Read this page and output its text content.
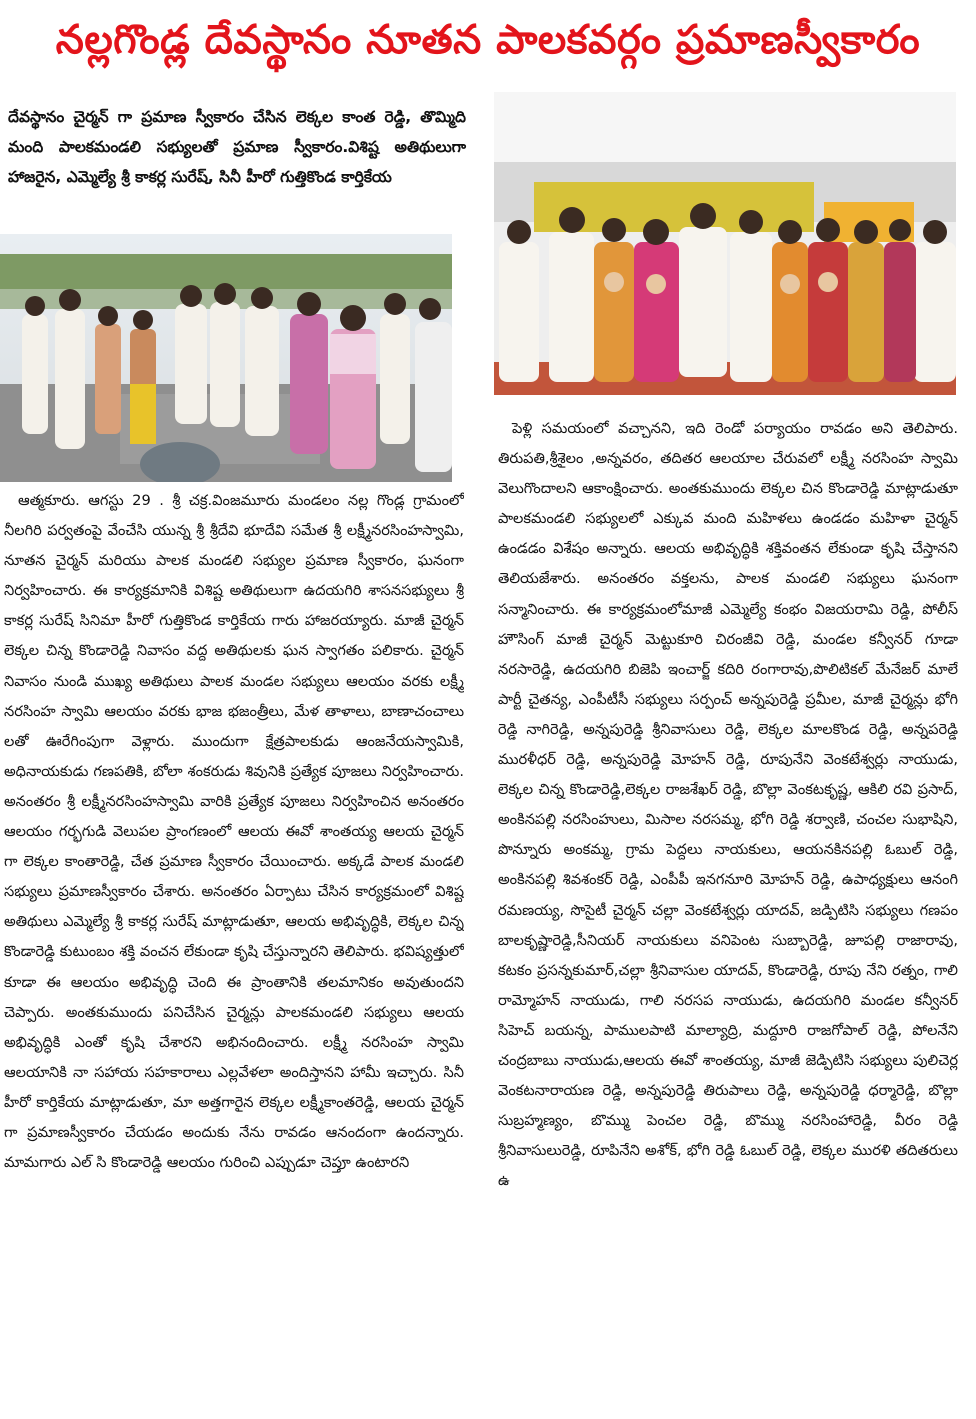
నల్లగొండ్ల దేవస్థానం నూతన పాలకవర్గం ప్రమాణస్వీకారం
దేవస్థానం చైర్మన్ గా ప్రమాణ స్వీకారం చేసిన లెక్కల కాంత రెడ్డి, తొమ్మిది మంది పాలకమండలి సభ్యులతో ప్రమాణ స్వీకారం.విశిష్ట అతిథులుగా హాజరైన, ఎమ్మెల్యే శ్రీ కాకర్ల సురేష్, సినీ హీరో గుత్తికొండ కార్తికేయ

ఆత్మకూరు. ఆగస్టు 29 . శ్రీ చక్ర.వింజమూరు మండలం నల్ల గొండ్ల గ్రామంలో నీలగిరి పర్వతంపై వేంచేసి యున్న శ్రీ శ్రీదేవి భూదేవి సమేత శ్రీ లక్ష్మీనరసింహస్వామి, నూతన చైర్మన్ మరియు పాలక మండలి సభ్యుల ప్రమాణ స్వీకారం, ఘనంగా నిర్వహించారు. ఈ కార్యక్రమానికి విశిష్ట అతిథులుగా ఉదయగిరి శాసనసభ్యులు శ్రీ కాకర్ల సురేష్ సినిమా హీరో గుత్తికొండ కార్తికేయ గారు హాజరయ్యారు. మాజీ చైర్మన్ లెక్కల చిన్న కొండారెడ్డి నివాసం వద్ద అతిథులకు ఘన స్వాగతం పలికారు. చైర్మన్ నివాసం నుండి ముఖ్య అతిథులు పాలక మండల సభ్యులు ఆలయం వరకు లక్ష్మీ నరసింహ స్వామి ఆలయం వరకు భాజ భజంత్రీలు, మేళ తాళాలు, బాణాచంచాలు లతో ఊరేగింపుగా వెళ్లారు. ముందుగా క్షేత్రపాలకుడు ఆంజనేయస్వామికి, అధినాయకుడు గణపతికి, బోలా శంకరుడు శివునికి ప్రత్యేక పూజలు నిర్వహించారు. అనంతరం శ్రీ లక్ష్మీనరసింహస్వామి వారికి ప్రత్యేక పూజలు నిర్వహించిన అనంతరం ఆలయం గర్భగుడి వెలుపల ప్రాంగణంలో ఆలయ ఈవో శాంతయ్య ఆలయ చైర్మన్ గా లెక్కల కాంతారెడ్డి, చేత ప్రమాణ స్వీకారం చేయించారు. అక్కడే పాలక మండలి సభ్యులు ప్రమాణస్వీకారం చేశారు. అనంతరం ఏర్పాటు చేసిన కార్యక్రమంలో విశిష్ట అతిథులు ఎమ్మెల్యే శ్రీ కాకర్ల సురేష్ మాట్లాడుతూ, ఆలయ అభివృద్ధికి, లెక్కల చిన్న కొండారెడ్డి కుటుంబం శక్తి వంచన లేకుండా కృషి చేస్తున్నారని తెలిపారు. భవిష్యత్తులో కూడా ఈ ఆలయం అభివృద్ధి చెంది ఈ ప్రాంతానికి తలమానికం అవుతుందని చెప్పారు. అంతకుముందు పనిచేసిన చైర్మన్లు పాలకమండలి సభ్యులు ఆలయ అభివృద్ధికి ఎంతో కృషి చేశారని అభినందించారు. లక్ష్మీ నరసింహ స్వామి ఆలయానికి నా సహాయ సహకారాలు ఎల్లవేళలా అందిస్తానని హామీ ఇచ్చారు. సినీ హీరో కార్తికేయ మాట్లాడుతూ, మా అత్తగారైన లెక్కల లక్ష్మీకాంతరెడ్డి, ఆలయ చైర్మన్ గా ప్రమాణస్వీకారం చేయడం అందుకు నేను రావడం ఆనందంగా ఉందన్నారు. మామగారు ఎల్ సి కొండారెడ్డి ఆలయం గురించి ఎప్పుడూ చెప్తూ ఉంటారని

పెళ్లి సమయంలో వచ్చానని, ఇది రెండో పర్యాయం రావడం అని తెలిపారు. తిరుపతి,శ్రీశైలం ,అన్నవరం, తదితర ఆలయాల చేరువలో లక్ష్మీ నరసింహ స్వామి వెలుగొందాలని ఆకాంక్షించారు. అంతకుముందు లెక్కల చిన కొండారెడ్డి మాట్లాడుతూ పాలకమండలి సభ్యులలో ఎక్కువ మంది మహిళలు ఉండడం మహిళా చైర్మన్ ఉండడం విశేషం అన్నారు. ఆలయ అభివృద్ధికి శక్తివంతన లేకుండా కృషి చేస్తానని తెలియజేశారు. అనంతరం వక్తలను, పాలక మండలి సభ్యులు ఘనంగా సన్మానించారు. ఈ కార్యక్రమంలోమాజీ ఎమ్మెల్యే కంభం విజయరామి రెడ్డి, పోలీస్ హౌసింగ్ మాజీ చైర్మన్ మెట్టుకూరి చిరంజీవి రెడ్డి, మండల కన్వీనర్ గూడా నరసారెడ్డి, ఉదయగిరి బిజెపి ఇంచార్జ్ కదిరి రంగారావు,పొలిటికల్ మేనేజర్ మాలే పార్టీ చైతన్య, ఎంపీటీసీ సభ్యులు సర్పంచ్ అన్నపురెడ్డి ప్రమీల, మాజీ చైర్మన్లు భోగి రెడ్డి నాగిరెడ్డి, అన్నపురెడ్డి శ్రీనివాసులు రెడ్డి, లెక్కల మాలకొండ రెడ్డి, అన్నపరెడ్డి మురళీధర్ రెడ్డి, అన్నపురెడ్డి మోహన్ రెడ్డి, రూపునేని వెంకటేశ్వర్లు నాయుడు, లెక్కల చిన్న కొండారెడ్డి,లెక్కల రాజశేఖర్ రెడ్డి, బొల్లా వెంకటకృష్ణ, ఆకిలి రవి ప్రసాద్, అంకినపల్లి నరసింహులు, మిసాల నరసమ్మ, భోగి రెడ్డి శర్వాణి, చంచల సుభాషిని, పొన్నూరు అంకమ్మ, గ్రామ పెద్దలు నాయకులు, ఆయనకినపల్లి ఓబుల్ రెడ్డి, అంకినపల్లి శివశంకర్ రెడ్డి, ఎంపీపీ ఇనగనూరి మోహన్ రెడ్డి, ఉపాధ్యక్షులు ఆనంగి రమణయ్య, సొసైటీ చైర్మన్ చల్లా వెంకటేశ్వర్లు యాదవ్, జడ్పిటిసి సభ్యులు గణపం బాలకృష్ణారెడ్డి,సీనియర్ నాయకులు వనిపెంట సుబ్బారెడ్డి, జూపల్లి రాజారావు, కటకం ప్రసన్నకుమార్,చల్లా శ్రీనివాసుల యాదవ్, కొండారెడ్డి, రూపు నేని రత్నం, గాలి రామ్మోహన్ నాయుడు, గాలి నరసప నాయుడు, ఉదయగిరి మండల కన్వీనర్ సిహెచ్ బయన్న, పాములపాటి మాల్యాద్రి, మద్దూరి రాజగోపాల్ రెడ్డి, పోలనేని చంద్రబాబు నాయుడు,ఆలయ ఈవో శాంతయ్య, మాజీ జెడ్పిటిసి సభ్యులు పులిచెర్ల వెంకటనారాయణ రెడ్డి, అన్నపురెడ్డి తిరుపాలు రెడ్డి, అన్నపురెడ్డి ధర్మారెడ్డి, బొల్లా సుబ్రహ్మణ్యం, బొమ్ము పెంచల రెడ్డి, బొమ్ము నరసింహారెడ్డి, వీరం రెడ్డి శ్రీనివాసులురెడ్డి, రూపినేని అశోక్, భోగి రెడ్డి ఓబుల్ రెడ్డి, లెక్కల మురళి తదితరులు ఉ
